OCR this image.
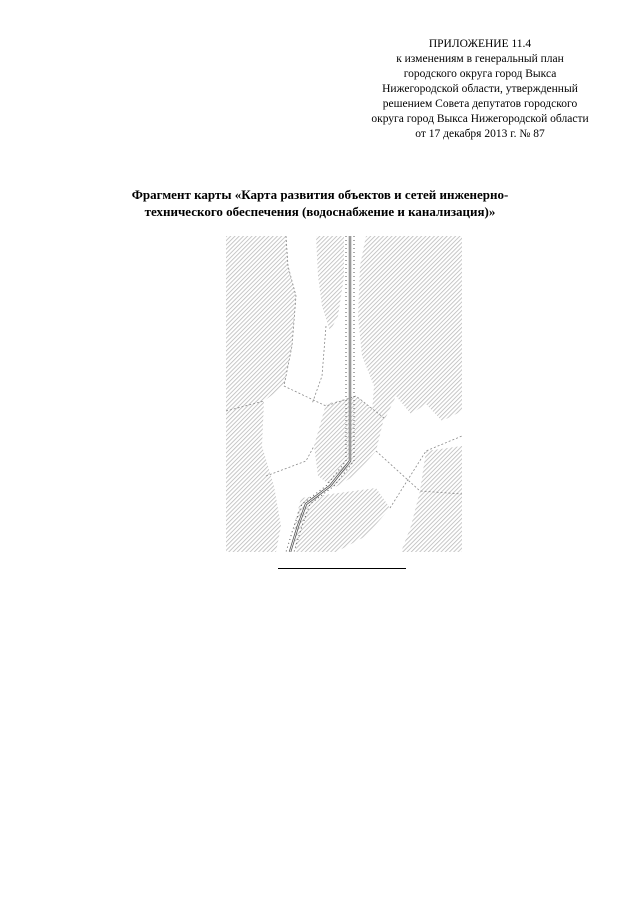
ПРИЛОЖЕНИЕ 11.4
к изменениям в генеральный план
городского округа город Выкса
Нижегородской области, утвержденный
решением Совета депутатов городского
округа город Выкса Нижегородской области
от 17 декабря 2013 г. № 87
Фрагмент карты «Карта развития объектов и сетей инженерно-
технического обеспечения (водоснабжение и канализация)»
